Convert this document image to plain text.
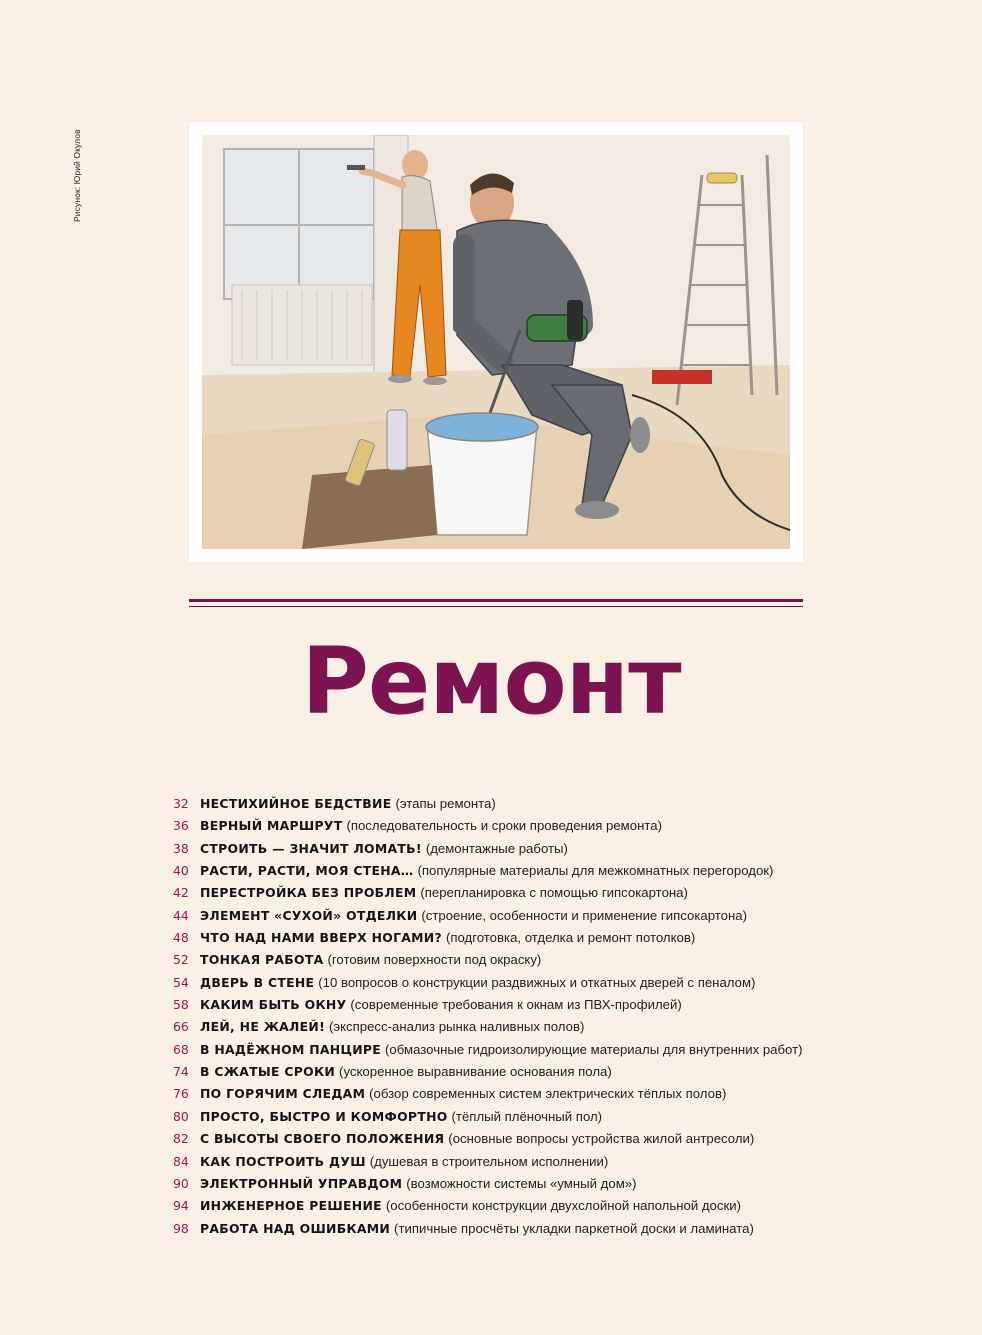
Рисунок: Юрий Окулов
Ремонт
32 НЕСТИХИЙНОЕ БЕДСТВИЕ (этапы ремонта)
36 ВЕРНЫЙ МАРШРУТ (последовательность и сроки проведения ремонта)
38 СТРОИТЬ — ЗНАЧИТ ЛОМАТЬ! (демонтажные работы)
40 РАСТИ, РАСТИ, МОЯ СТЕНА… (популярные материалы для межкомнатных перегородок)
42 ПЕРЕСТРОЙКА БЕЗ ПРОБЛЕМ (перепланировка с помощью гипсокартона)
44 ЭЛЕМЕНТ «СУХОЙ» ОТДЕЛКИ (строение, особенности и применение гипсокартона)
48 ЧТО НАД НАМИ ВВЕРХ НОГАМИ? (подготовка, отделка и ремонт потолков)
52 ТОНКАЯ РАБОТА (готовим поверхности под окраску)
54 ДВЕРЬ В СТЕНЕ (10 вопросов о конструкции раздвижных и откатных дверей с пеналом)
58 КАКИМ БЫТЬ ОКНУ (современные требования к окнам из ПВХ-профилей)
66 ЛЕЙ, НЕ ЖАЛЕЙ! (экспресс-анализ рынка наливных полов)
68 В НАДЁЖНОМ ПАНЦИРЕ (обмазочные гидроизолирующие материалы для внутренних работ)
74 В СЖАТЫЕ СРОКИ (ускоренное выравнивание основания пола)
76 ПО ГОРЯЧИМ СЛЕДАМ (обзор современных систем электрических тёплых полов)
80 ПРОСТО, БЫСТРО И КОМФОРТНО (тёплый плёночный пол)
82 С ВЫСОТЫ СВОЕГО ПОЛОЖЕНИЯ (основные вопросы устройства жилой антресоли)
84 КАК ПОСТРОИТЬ ДУШ (душевая в строительном исполнении)
90 ЭЛЕКТРОННЫЙ УПРАВДОМ (возможности системы «умный дом»)
94 ИНЖЕНЕРНОЕ РЕШЕНИЕ (особенности конструкции двухслойной напольной доски)
98 РАБОТА НАД ОШИБКАМИ (типичные просчёты укладки паркетной доски и ламината)
